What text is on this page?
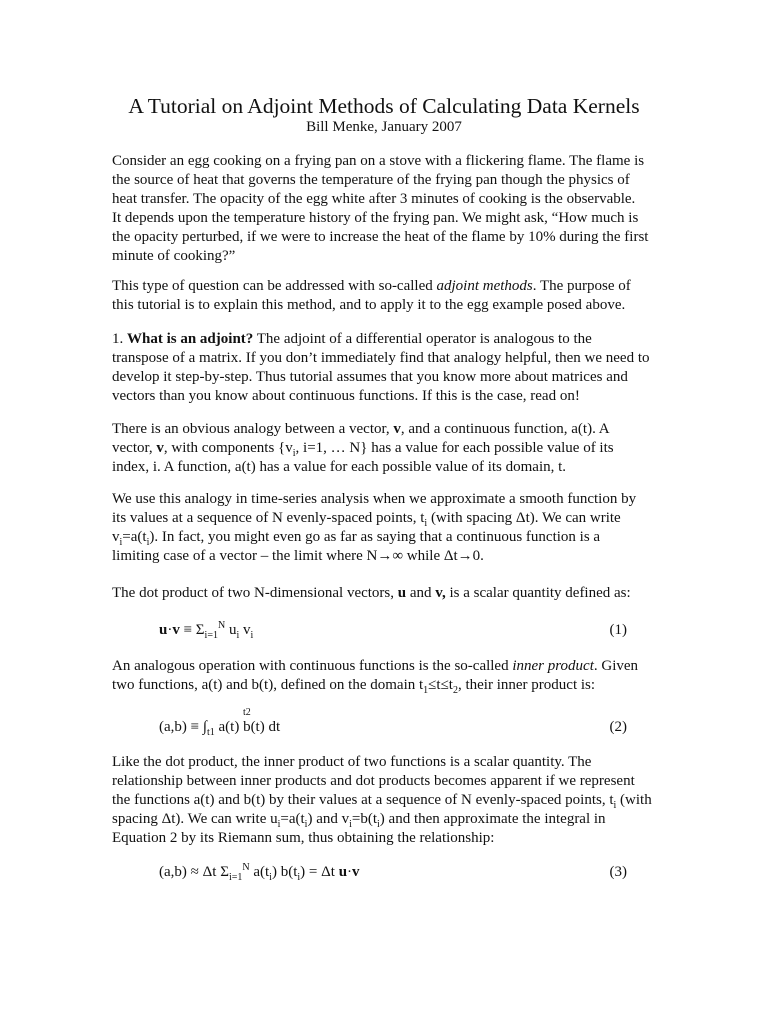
A Tutorial on Adjoint Methods of Calculating Data Kernels
Bill Menke, January 2007

Consider an egg cooking on a frying pan on a stove with a flickering flame. The flame is

the source of heat that governs the temperature of the frying pan though the physics of

heat transfer. The opacity of the egg white after 3 minutes of cooking is the observable.

It depends upon the temperature history of the frying pan. We might ask, “How much is

the opacity perturbed, if we were to increase the heat of the flame by 10% during the first

minute of cooking?”

This type of question can be addressed with so-called adjoint methods. The purpose of

this tutorial is to explain this method, and to apply it to the egg example posed above.

1. What is an adjoint? The adjoint of a differential operator is analogous to the

transpose of a matrix. If you don’t immediately find that analogy helpful, then we need to

develop it step-by-step. Thus tutorial assumes that you know more about matrices and

vectors than you know about continuous functions. If this is the case, read on!

There is an obvious analogy between a vector, v, and a continuous function, a(t). A

vector, v, with components {$v_i$, i=1, … N} has a value for each possible value of its

index, i. A function, a(t) has a value for each possible value of its domain, t.

We use this analogy in time-series analysis when we approximate a smooth function by

its values at a sequence of N evenly-spaced points, $t_i$ (with spacing Δt). We can write

$v_i=a(t_i)$. In fact, you might even go as far as saying that a continuous function is a

limiting case of a vector – the limit where N→∞ while Δt→0.

The dot product of two N-dimensional vectors, u and v, is a scalar quantity defined as:

$u\cdot v \equiv \Sigma_{i=1}^N$ $u_i$ $v_i$	(1)

An analogous operation with continuous functions is the so-called inner product. Given

two functions, a(t) and b(t), defined on the domain $t_1\le t\le t_2$, their inner product is:

t2
$(a,b) \equiv \int_{t1}$ a(t) b(t) dt	(2)

Like the dot product, the inner product of two functions is a scalar quantity. The

relationship between inner products and dot products becomes apparent if we represent

the functions a(t) and b(t) by their values at a sequence of N evenly-spaced points, $t_i$ (with

spacing Δt). We can write $u_i=a(t_i)$ and $v_i=b(t_i)$ and then approximate the integral in

Equation 2 by its Riemann sum, thus obtaining the relationship:

(a,b) ≈ Δt $\Sigma_{i=1}^N$ $a(t_i) b(t_i) = \Delta t$ u·v	(3)
